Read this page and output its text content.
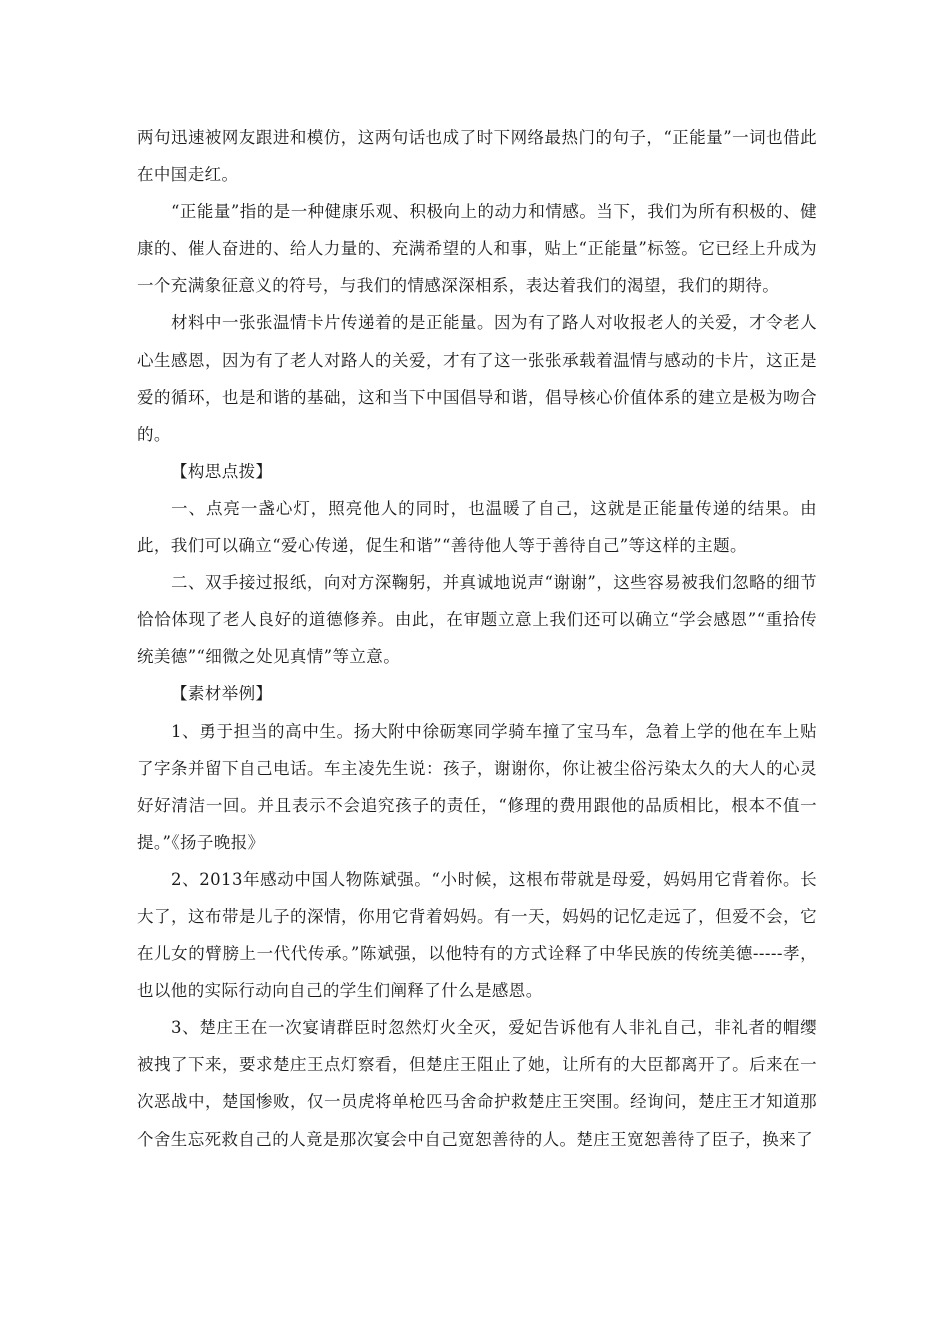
两句迅速被网友跟进和模仿，这两句话也成了时下网络最热门的句子，“正能量”一词也借此在中国走红。

“正能量”指的是一种健康乐观、积极向上的动力和情感。当下，我们为所有积极的、健康的、催人奋进的、给人力量的、充满希望的人和事，贴上“正能量”标签。它已经上升成为一个充满象征意义的符号，与我们的情感深深相系，表达着我们的渴望，我们的期待。

材料中一张张温情卡片传递着的是正能量。因为有了路人对收报老人的关爱，才令老人心生感恩，因为有了老人对路人的关爱，才有了这一张张承载着温情与感动的卡片，这正是爱的循环，也是和谐的基础，这和当下中国倡导和谐，倡导核心价值体系的建立是极为吻合的。

【构思点拨】

一、点亮一盏心灯，照亮他人的同时，也温暖了自己，这就是正能量传递的结果。由此，我们可以确立“爱心传递，促生和谐”“善待他人等于善待自己”等这样的主题。

二、双手接过报纸，向对方深鞠躬，并真诚地说声“谢谢”，这些容易被我们忽略的细节恰恰体现了老人良好的道德修养。由此，在审题立意上我们还可以确立“学会感恩”“重拾传统美德”“细微之处见真情”等立意。

【素材举例】

1、勇于担当的高中生。扬大附中徐砺寒同学骑车撞了宝马车，急着上学的他在车上贴了字条并留下自己电话。车主凌先生说：孩子，谢谢你，你让被尘俗污染太久的大人的心灵好好清洁一回。并且表示不会追究孩子的责任，“修理的费用跟他的品质相比，根本不值一提。”《扬子晚报》

2、2013年感动中国人物陈斌强。“小时候，这根布带就是母爱，妈妈用它背着你。长大了，这布带是儿子的深情，你用它背着妈妈。有一天，妈妈的记忆走远了，但爱不会，它在儿女的臂膀上一代代传承。”陈斌强，以他特有的方式诠释了中华民族的传统美德-----孝，也以他的实际行动向自己的学生们阐释了什么是感恩。

3、楚庄王在一次宴请群臣时忽然灯火全灭，爱妃告诉他有人非礼自己，非礼者的帽缨被拽了下来，要求楚庄王点灯察看，但楚庄王阻止了她，让所有的大臣都离开了。后来在一次恶战中，楚国惨败，仅一员虎将单枪匹马舍命护救楚庄王突围。经询问，楚庄王才知道那个舍生忘死救自己的人竟是那次宴会中自己宽恕善待的人。楚庄王宽恕善待了臣子，换来了
